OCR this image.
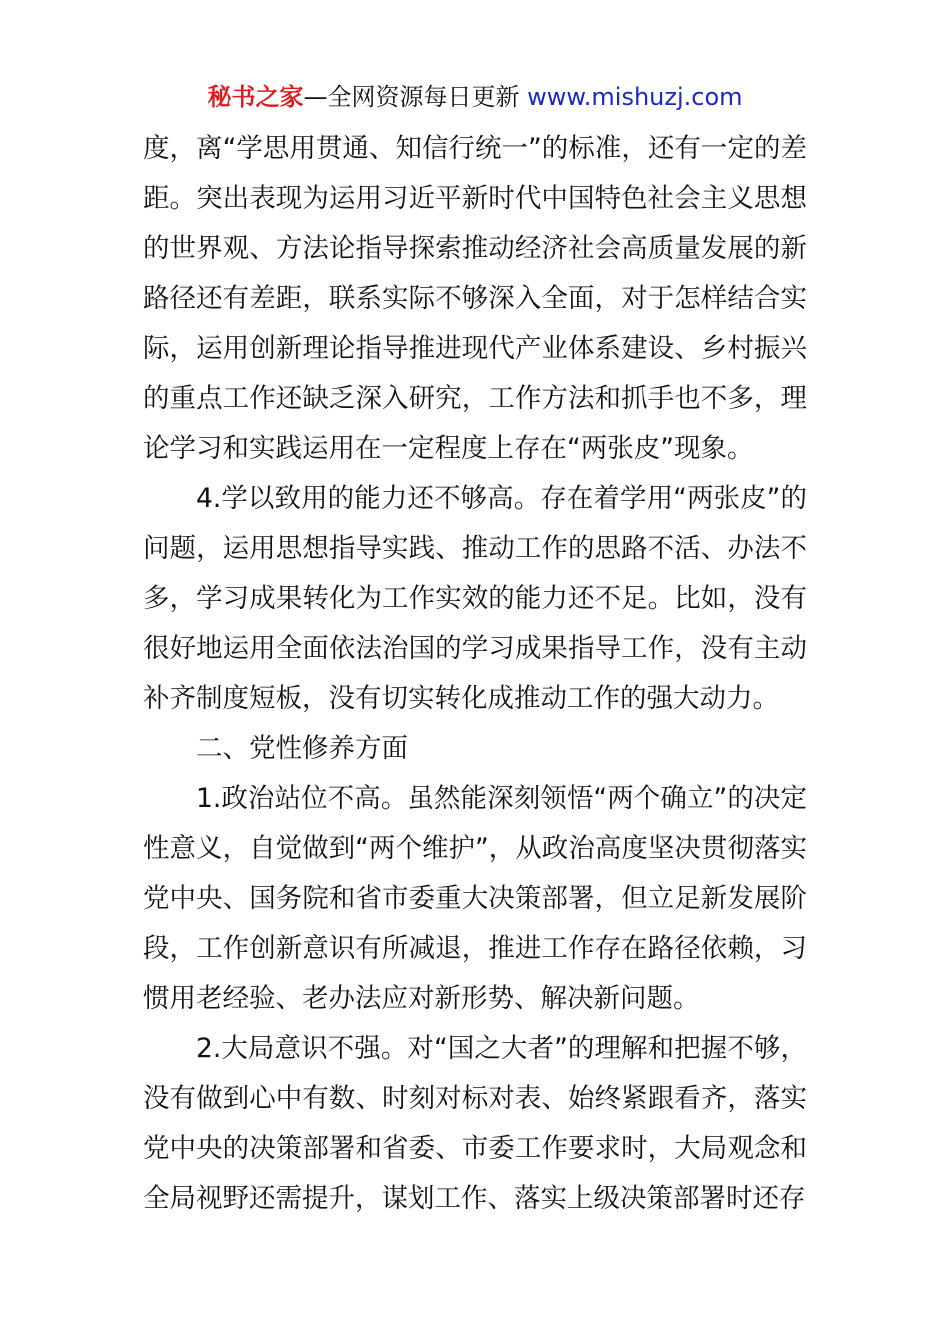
秘书之家—全网资源每日更新 www.mishuzj.com

度，离“学思用贯通、知信行统一”的标准，还有一定的差距。突出表现为运用习近平新时代中国特色社会主义思想的世界观、方法论指导探索推动经济社会高质量发展的新路径还有差距，联系实际不够深入全面，对于怎样结合实际，运用创新理论指导推进现代产业体系建设、乡村振兴的重点工作还缺乏深入研究，工作方法和抓手也不多，理论学习和实践运用在一定程度上存在“两张皮”现象。

4.学以致用的能力还不够高。存在着学用“两张皮”的问题，运用思想指导实践、推动工作的思路不活、办法不多，学习成果转化为工作实效的能力还不足。比如，没有很好地运用全面依法治国的学习成果指导工作，没有主动补齐制度短板，没有切实转化成推动工作的强大动力。

二、党性修养方面

1.政治站位不高。虽然能深刻领悟“两个确立”的决定性意义，自觉做到“两个维护”，从政治高度坚决贯彻落实党中央、国务院和省市委重大决策部署，但立足新发展阶段，工作创新意识有所减退，推进工作存在路径依赖，习惯用老经验、老办法应对新形势、解决新问题。

2.大局意识不强。对“国之大者”的理解和把握不够，没有做到心中有数、时刻对标对表、始终紧跟看齐，落实党中央的决策部署和省委、市委工作要求时，大局观念和全局视野还需提升，谋划工作、落实上级决策部署时还存
